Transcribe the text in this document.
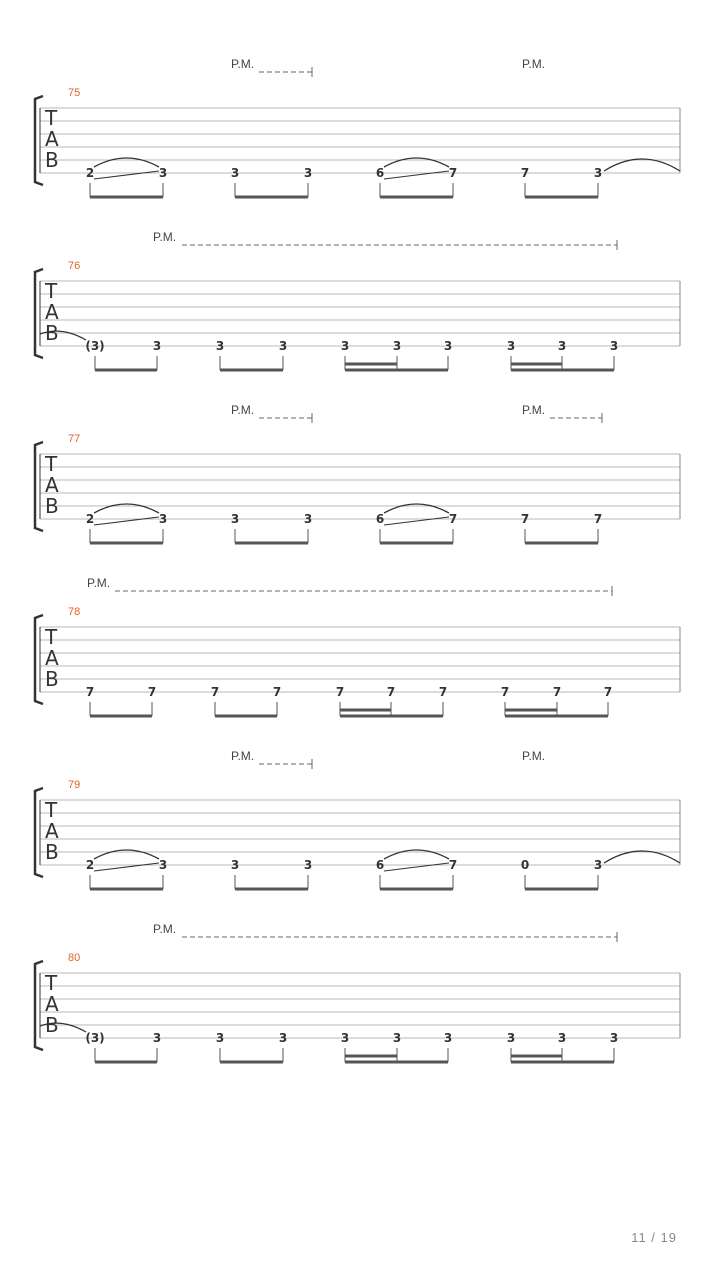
75
T
A
B
2	3	3	3	6	7	7	3
P.M.	P.M.
76
T
A
B
(3)	3	3	3	3	3	3	3	3	3
P.M.
77
T
A
B
2	3	3	3	6	7	7	7
P.M.	P.M.
78
T
A
B
7	7	7	7	7	7	7	7	7	7
P.M.
79
T
A
B
2	3	3	3	6	7	0	3
P.M.	P.M.
80
T
A
B
(3)	3	3	3	3	3	3	3	3	3
P.M.
11 / 19
